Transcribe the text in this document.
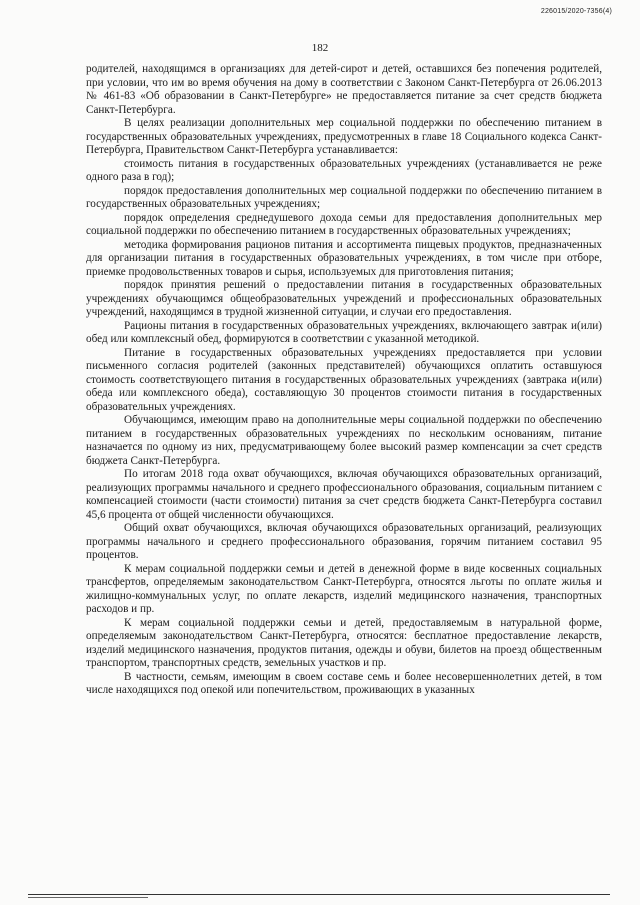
226015/2020-7356(4)
182

родителей, находящимся в организациях для детей-сирот и детей, оставшихся без попечения родителей, при условии, что им во время обучения на дому в соответствии с Законом Санкт-Петербурга от 26.06.2013 № 461-83 «Об образовании в Санкт-Петербурге» не предоставляется питание за счет средств бюджета Санкт-Петербурга.

В целях реализации дополнительных мер социальной поддержки по обеспечению питанием в государственных образовательных учреждениях, предусмотренных в главе 18 Социального кодекса Санкт-Петербурга, Правительством Санкт-Петербурга устанавливается:

стоимость питания в государственных образовательных учреждениях (устанавливается не реже одного раза в год);

порядок предоставления дополнительных мер социальной поддержки по обеспечению питанием в государственных образовательных учреждениях;

порядок определения среднедушевого дохода семьи для предоставления дополнительных мер социальной поддержки по обеспечению питанием в государственных образовательных учреждениях;

методика формирования рационов питания и ассортимента пищевых продуктов, предназначенных для организации питания в государственных образовательных учреждениях, в том числе при отборе, приемке продовольственных товаров и сырья, используемых для приготовления питания;

порядок принятия решений о предоставлении питания в государственных образовательных учреждениях обучающимся общеобразовательных учреждений и профессиональных образовательных учреждений, находящимся в трудной жизненной ситуации, и случаи его предоставления.

Рационы питания в государственных образовательных учреждениях, включающего завтрак и(или) обед или комплексный обед, формируются в соответствии с указанной методикой.

Питание в государственных образовательных учреждениях предоставляется при условии письменного согласия родителей (законных представителей) обучающихся оплатить оставшуюся стоимость соответствующего питания в государственных образовательных учреждениях (завтрака и(или) обеда или комплексного обеда), составляющую 30 процентов стоимости питания в государственных образовательных учреждениях.

Обучающимся, имеющим право на дополнительные меры социальной поддержки по обеспечению питанием в государственных образовательных учреждениях по нескольким основаниям, питание назначается по одному из них, предусматривающему более высокий размер компенсации за счет средств бюджета Санкт-Петербурга.

По итогам 2018 года охват обучающихся, включая обучающихся образовательных организаций, реализующих программы начального и среднего профессионального образования, социальным питанием с компенсацией стоимости (части стоимости) питания за счет средств бюджета Санкт-Петербурга составил 45,6 процента от общей численности обучающихся.

Общий охват обучающихся, включая обучающихся образовательных организаций, реализующих программы начального и среднего профессионального образования, горячим питанием составил 95 процентов.

К мерам социальной поддержки семьи и детей в денежной форме в виде косвенных социальных трансфертов, определяемым законодательством Санкт-Петербурга, относятся льготы по оплате жилья и жилищно-коммунальных услуг, по оплате лекарств, изделий медицинского назначения, транспортных расходов и пр.

К мерам социальной поддержки семьи и детей, предоставляемым в натуральной форме, определяемым законодательством Санкт-Петербурга, относятся: бесплатное предоставление лекарств, изделий медицинского назначения, продуктов питания, одежды и обуви, билетов на проезд общественным транспортом, транспортных средств, земельных участков и пр.

В частности, семьям, имеющим в своем составе семь и более несовершеннолетних детей, в том числе находящихся под опекой или попечительством, проживающих в указанных
